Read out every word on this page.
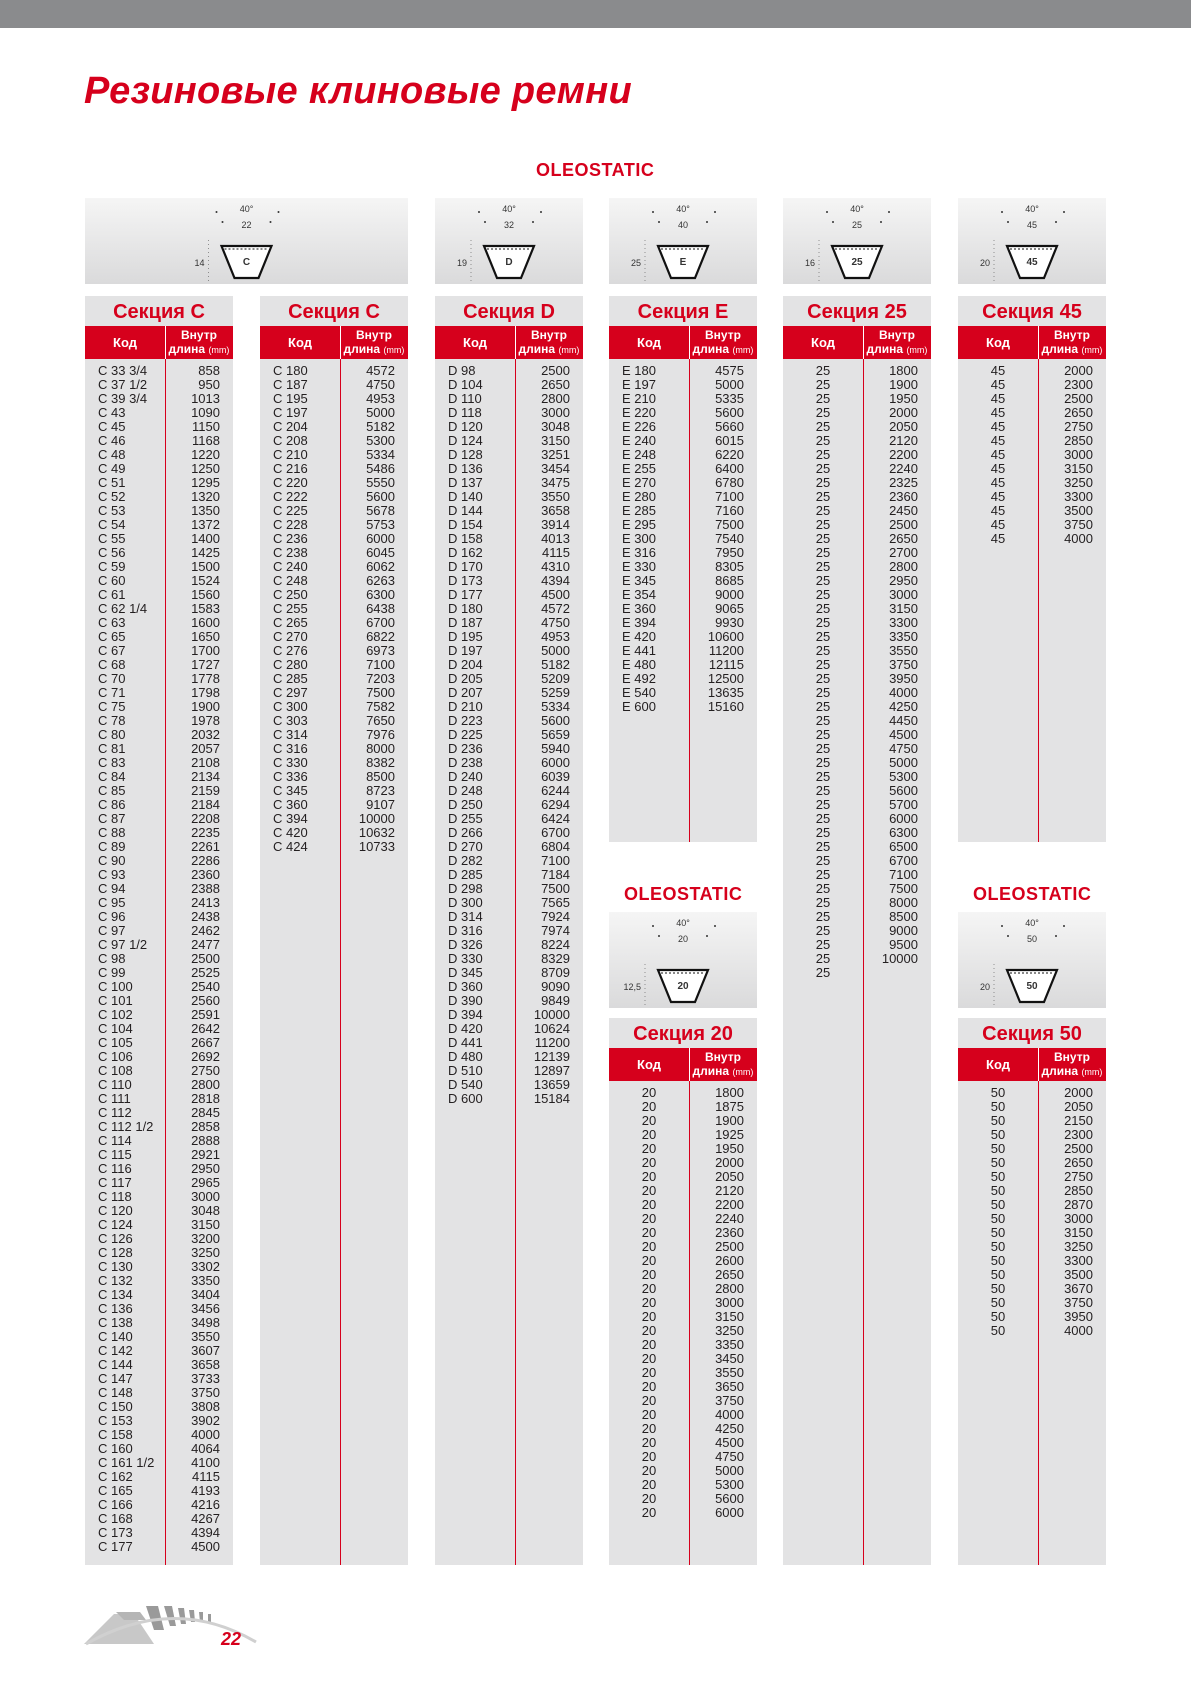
Резиновые клиновые ремни
OLEOSTATIC
OLEOSTATIC	OLEOSTATIC
40°
22
14	C
40°
32
19	D
40°
40
25	E
40°
25
16	25
40°
45
20	45
40°
20
12,5	20
40°
50
20	50
Секция C
Код	Внутр
длина (mm)
C 33 3/4	858
C 37 1/2	950
C 39 3/4	1013
C 43	1090
C 45	1150
C 46	1168
C 48	1220
C 49	1250
C 51	1295
C 52	1320
C 53	1350
C 54	1372
C 55	1400
C 56	1425
C 59	1500
C 60	1524
C 61	1560
C 62 1/4	1583
C 63	1600
C 65	1650
C 67	1700
C 68	1727
C 70	1778
C 71	1798
C 75	1900
C 78	1978
C 80	2032
C 81	2057
C 83	2108
C 84	2134
C 85	2159
C 86	2184
C 87	2208
C 88	2235
C 89	2261
C 90	2286
C 93	2360
C 94	2388
C 95	2413
C 96	2438
C 97	2462
C 97 1/2	2477
C 98	2500
C 99	2525
C 100	2540
C 101	2560
C 102	2591
C 104	2642
C 105	2667
C 106	2692
C 108	2750
C 110	2800
C 111	2818
C 112	2845
C 112 1/2	2858
C 114	2888
C 115	2921
C 116	2950
C 117	2965
C 118	3000
C 120	3048
C 124	3150
C 126	3200
C 128	3250
C 130	3302
C 132	3350
C 134	3404
C 136	3456
C 138	3498
C 140	3550
C 142	3607
C 144	3658
C 147	3733
C 148	3750
C 150	3808
C 153	3902
C 158	4000
C 160	4064
C 161 1/2	4100
C 162	4115
C 165	4193
C 166	4216
C 168	4267
C 173	4394
C 177	4500
Секция C
Код	Внутр
длина (mm)
C 180	4572
C 187	4750
C 195	4953
C 197	5000
C 204	5182
C 208	5300
C 210	5334
C 216	5486
C 220	5550
C 222	5600
C 225	5678
C 228	5753
C 236	6000
C 238	6045
C 240	6062
C 248	6263
C 250	6300
C 255	6438
C 265	6700
C 270	6822
C 276	6973
C 280	7100
C 285	7203
C 297	7500
C 300	7582
C 303	7650
C 314	7976
C 316	8000
C 330	8382
C 336	8500
C 345	8723
C 360	9107
C 394	10000
C 420	10632
C 424	10733
Секция D
Код	Внутр
длина (mm)
D 98	2500
D 104	2650
D 110	2800
D 118	3000
D 120	3048
D 124	3150
D 128	3251
D 136	3454
D 137	3475
D 140	3550
D 144	3658
D 154	3914
D 158	4013
D 162	4115
D 170	4310
D 173	4394
D 177	4500
D 180	4572
D 187	4750
D 195	4953
D 197	5000
D 204	5182
D 205	5209
D 207	5259
D 210	5334
D 223	5600
D 225	5659
D 236	5940
D 238	6000
D 240	6039
D 248	6244
D 250	6294
D 255	6424
D 266	6700
D 270	6804
D 282	7100
D 285	7184
D 298	7500
D 300	7565
D 314	7924
D 316	7974
D 326	8224
D 330	8329
D 345	8709
D 360	9090
D 390	9849
D 394	10000
D 420	10624
D 441	11200
D 480	12139
D 510	12897
D 540	13659
D 600	15184
Секция E
Код	Внутр
длина (mm)
E 180	4575
E 197	5000
E 210	5335
E 220	5600
E 226	5660
E 240	6015
E 248	6220
E 255	6400
E 270	6780
E 280	7100
E 285	7160
E 295	7500
E 300	7540
E 316	7950
E 330	8305
E 345	8685
E 354	9000
E 360	9065
E 394	9930
E 420	10600
E 441	11200
E 480	12115
E 492	12500
E 540	13635
E 600	15160
Секция 25
Код	Внутр
длина (mm)
25	1800
25	1900
25	1950
25	2000
25	2050
25	2120
25	2200
25	2240
25	2325
25	2360
25	2450
25	2500
25	2650
25	2700
25	2800
25	2950
25	3000
25	3150
25	3300
25	3350
25	3550
25	3750
25	3950
25	4000
25	4250
25	4450
25	4500
25	4750
25	5000
25	5300
25	5600
25	5700
25	6000
25	6300
25	6500
25	6700
25	7100
25	7500
25	8000
25	8500
25	9000
25	9500
25	10000
25
Секция 45
Код	Внутр
длина (mm)
45	2000
45	2300
45	2500
45	2650
45	2750
45	2850
45	3000
45	3150
45	3250
45	3300
45	3500
45	3750
45	4000
Секция 20
Код	Внутр
длина (mm)
20	1800
20	1875
20	1900
20	1925
20	1950
20	2000
20	2050
20	2120
20	2200
20	2240
20	2360
20	2500
20	2600
20	2650
20	2800
20	3000
20	3150
20	3250
20	3350
20	3450
20	3550
20	3650
20	3750
20	4000
20	4250
20	4500
20	4750
20	5000
20	5300
20	5600
20	6000
Секция 50
Код	Внутр
длина (mm)
50	2000
50	2050
50	2150
50	2300
50	2500
50	2650
50	2750
50	2850
50	2870
50	3000
50	3150
50	3250
50	3300
50	3500
50	3670
50	3750
50	3950
50	4000
22
